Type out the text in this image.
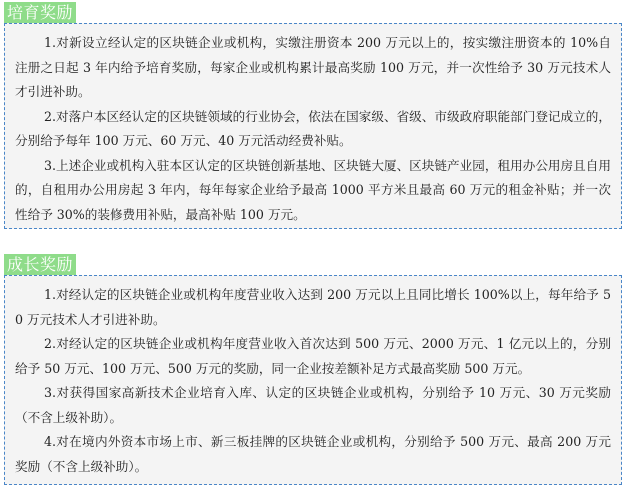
培育奖励

1.对新设立经认定的区块链企业或机构，实缴注册资本 200 万元以上的，按实缴注册资本的 10%自注册之日起 3 年内给予培育奖励，每家企业或机构累计最高奖励 100 万元，并一次性给予 30 万元技术人才引进补助。

2.对落户本区经认定的区块链领域的行业协会，依法在国家级、省级、市级政府职能部门登记成立的，分别给予每年 100 万元、60 万元、40 万元活动经费补贴。

3.上述企业或机构入驻本区认定的区块链创新基地、区块链大厦、区块链产业园，租用办公用房且自用的，自租用办公用房起 3 年内，每年每家企业给予最高 1000 平方米且最高 60 万元的租金补贴；并一次性给予 30%的装修费用补贴，最高补贴 100 万元。

成长奖励

1.对经认定的区块链企业或机构年度营业收入达到 200 万元以上且同比增长 100%以上，每年给予 50 万元技术人才引进补助。

2.对经认定的区块链企业或机构年度营业收入首次达到 500 万元、2000 万元、1 亿元以上的，分别给予 50 万元、100 万元、500 万元的奖励，同一企业按差额补足方式最高奖励 500 万元。

3.对获得国家高新技术企业培育入库、认定的区块链企业或机构，分别给予 10 万元、30 万元奖励（不含上级补助）。

4.对在境内外资本市场上市、新三板挂牌的区块链企业或机构，分别给予 500 万元、最高 200 万元奖励（不含上级补助）。
